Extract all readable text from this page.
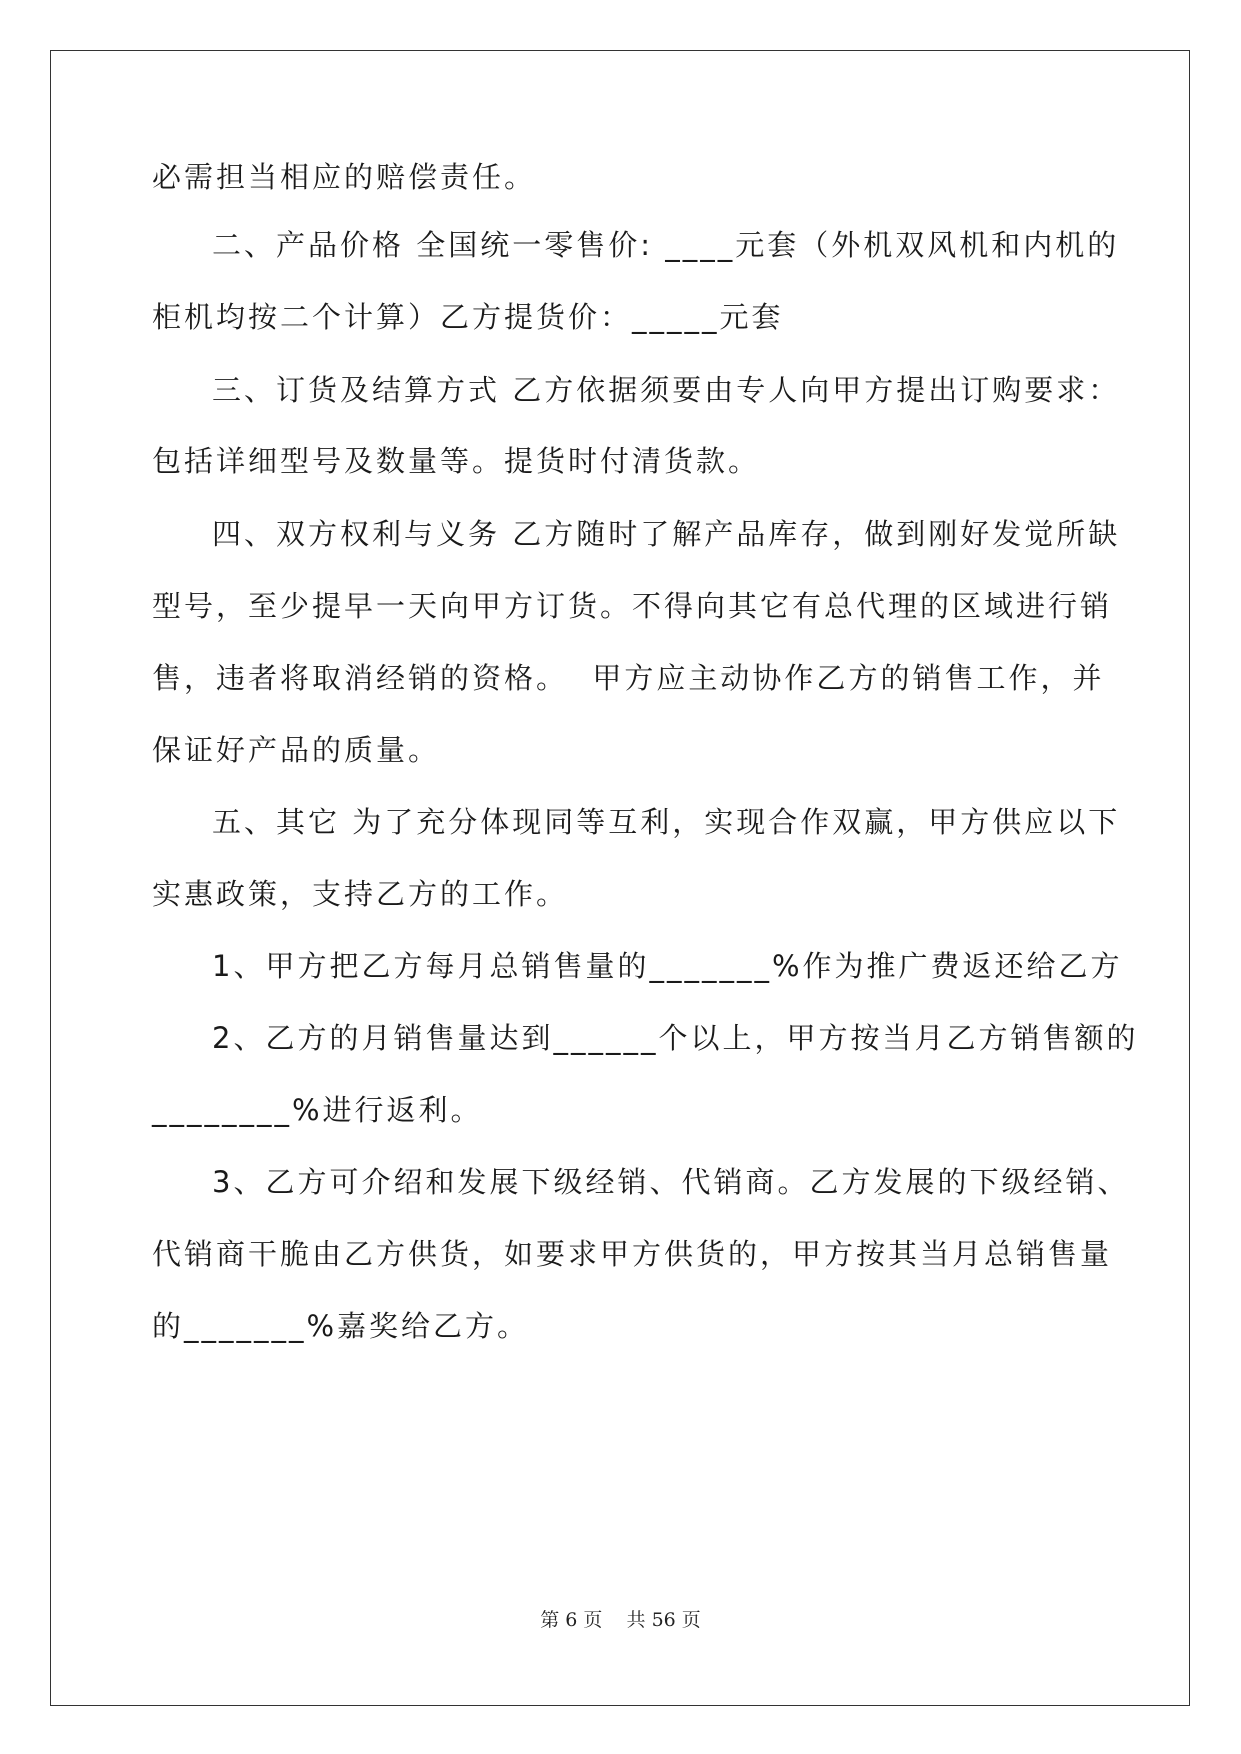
必需担当相应的赔偿责任。
二、产品价格 全国统一零售价: ____元套（外机双风机和内机的
柜机均按二个计算）乙方提货价：_____元套
三、订货及结算方式 乙方依据须要由专人向甲方提出订购要求：
包括详细型号及数量等。提货时付清货款。
四、双方权利与义务 乙方随时了解产品库存，做到刚好发觉所缺
型号，至少提早一天向甲方订货。不得向其它有总代理的区域进行销
售，违者将取消经销的资格。  甲方应主动协作乙方的销售工作，并
保证好产品的质量。
五、其它 为了充分体现同等互利，实现合作双赢，甲方供应以下
实惠政策，支持乙方的工作。
1、甲方把乙方每月总销售量的_______%作为推广费返还给乙方
2、乙方的月销售量达到______个以上，甲方按当月乙方销售额的
________%进行返利。
3、乙方可介绍和发展下级经销、代销商。乙方发展的下级经销、
代销商干脆由乙方供货，如要求甲方供货的，甲方按其当月总销售量
的_______%嘉奖给乙方。
第 6 页    共 56 页
